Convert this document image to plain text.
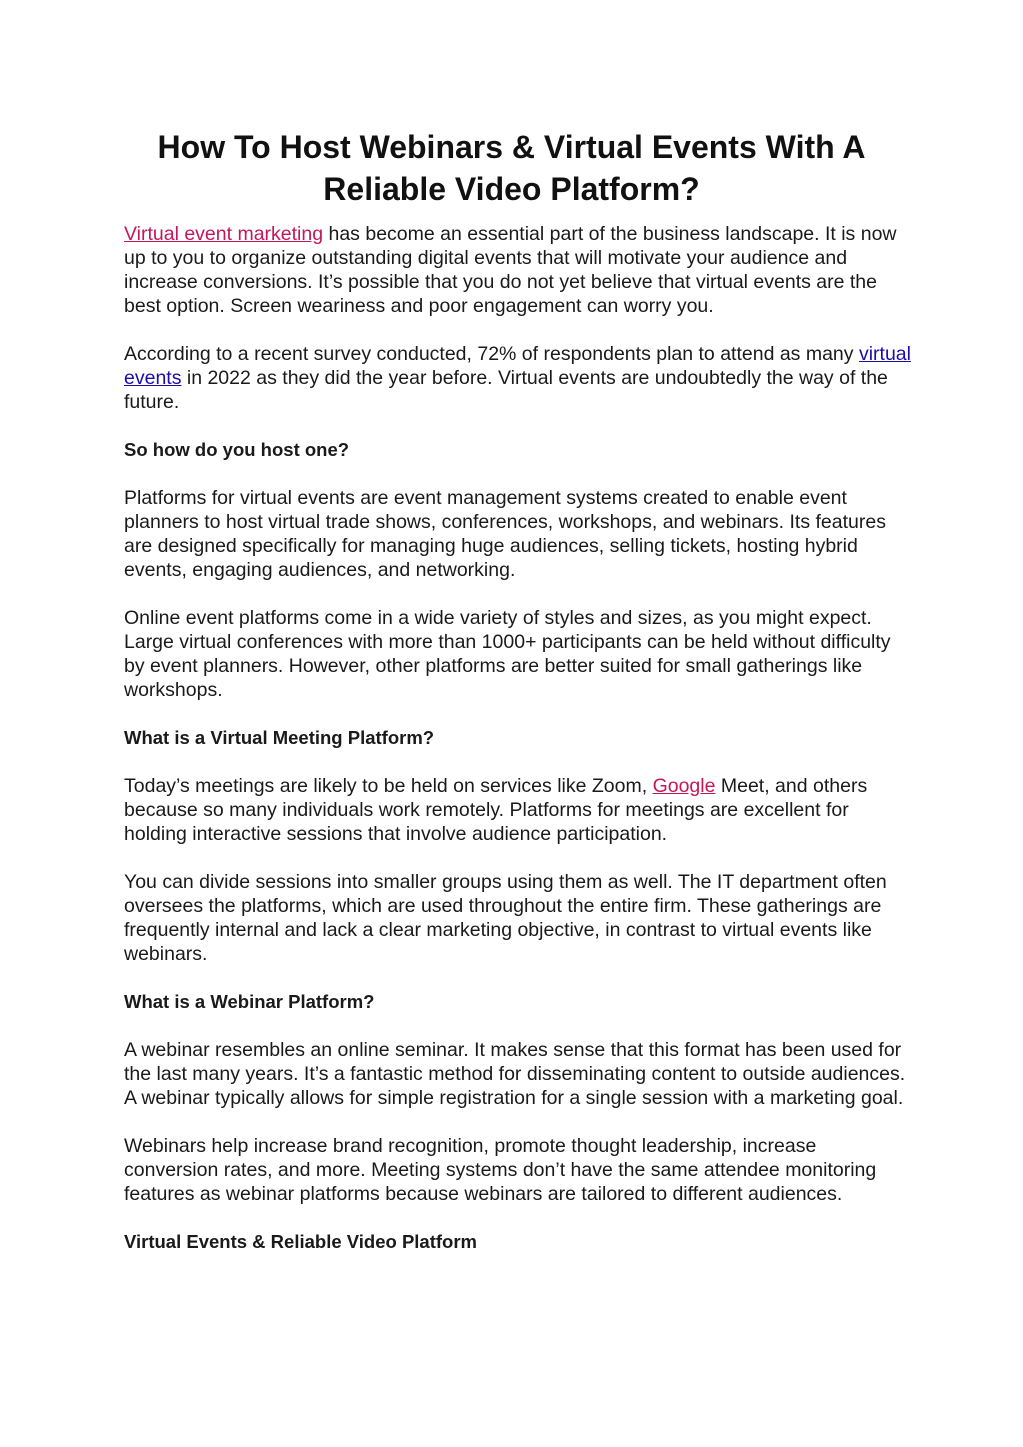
How To Host Webinars & Virtual Events With A Reliable Video Platform?

Virtual event marketing has become an essential part of the business landscape. It is now up to you to organize outstanding digital events that will motivate your audience and increase conversions. It’s possible that you do not yet believe that virtual events are the best option. Screen weariness and poor engagement can worry you.

According to a recent survey conducted, 72% of respondents plan to attend as many virtual events in 2022 as they did the year before. Virtual events are undoubtedly the way of the future.

So how do you host one?

Platforms for virtual events are event management systems created to enable event planners to host virtual trade shows, conferences, workshops, and webinars. Its features are designed specifically for managing huge audiences, selling tickets, hosting hybrid events, engaging audiences, and networking.

Online event platforms come in a wide variety of styles and sizes, as you might expect. Large virtual conferences with more than 1000+ participants can be held without difficulty by event planners. However, other platforms are better suited for small gatherings like workshops.

What is a Virtual Meeting Platform?

Today’s meetings are likely to be held on services like Zoom, Google Meet, and others because so many individuals work remotely. Platforms for meetings are excellent for holding interactive sessions that involve audience participation.

You can divide sessions into smaller groups using them as well. The IT department often oversees the platforms, which are used throughout the entire firm. These gatherings are frequently internal and lack a clear marketing objective, in contrast to virtual events like webinars.

What is a Webinar Platform?

A webinar resembles an online seminar. It makes sense that this format has been used for the last many years. It’s a fantastic method for disseminating content to outside audiences. A webinar typically allows for simple registration for a single session with a marketing goal.

Webinars help increase brand recognition, promote thought leadership, increase conversion rates, and more. Meeting systems don’t have the same attendee monitoring features as webinar platforms because webinars are tailored to different audiences.

Virtual Events & Reliable Video Platform
